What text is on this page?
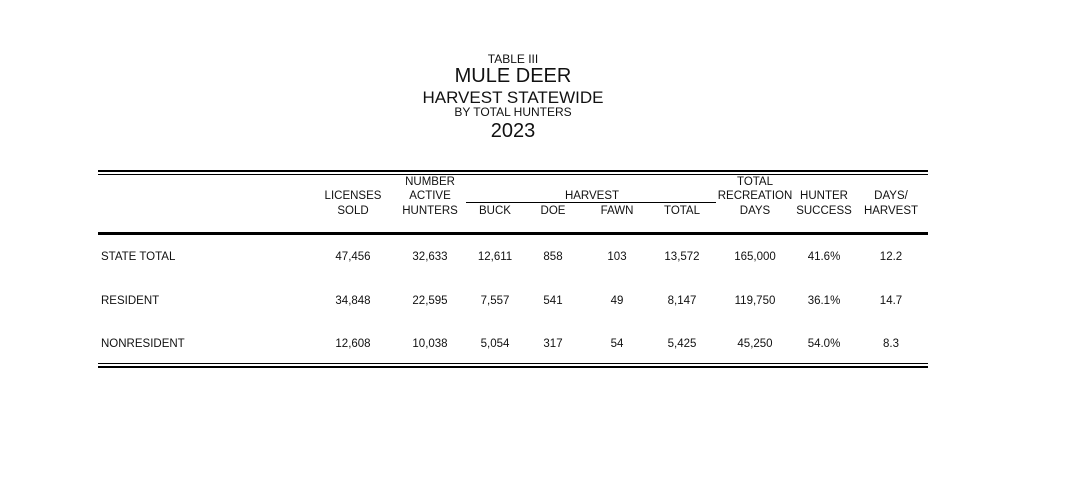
TABLE III
MULE DEER
HARVEST STATEWIDE
BY TOTAL HUNTERS
2023
LICENSES
SOLD
NUMBER
ACTIVE
HUNTERS
HARVEST
BUCK	DOE	FAWN	TOTAL
TOTAL
RECREATION
DAYS
HUNTER
SUCCESS
DAYS/
HARVEST
STATE TOTAL	47,456	32,633	12,611	858	103	13,572	165,000	41.6%	12.2
RESIDENT	34,848	22,595	7,557	541	49	8,147	119,750	36.1%	14.7
NONRESIDENT	12,608	10,038	5,054	317	54	5,425	45,250	54.0%	8.3
